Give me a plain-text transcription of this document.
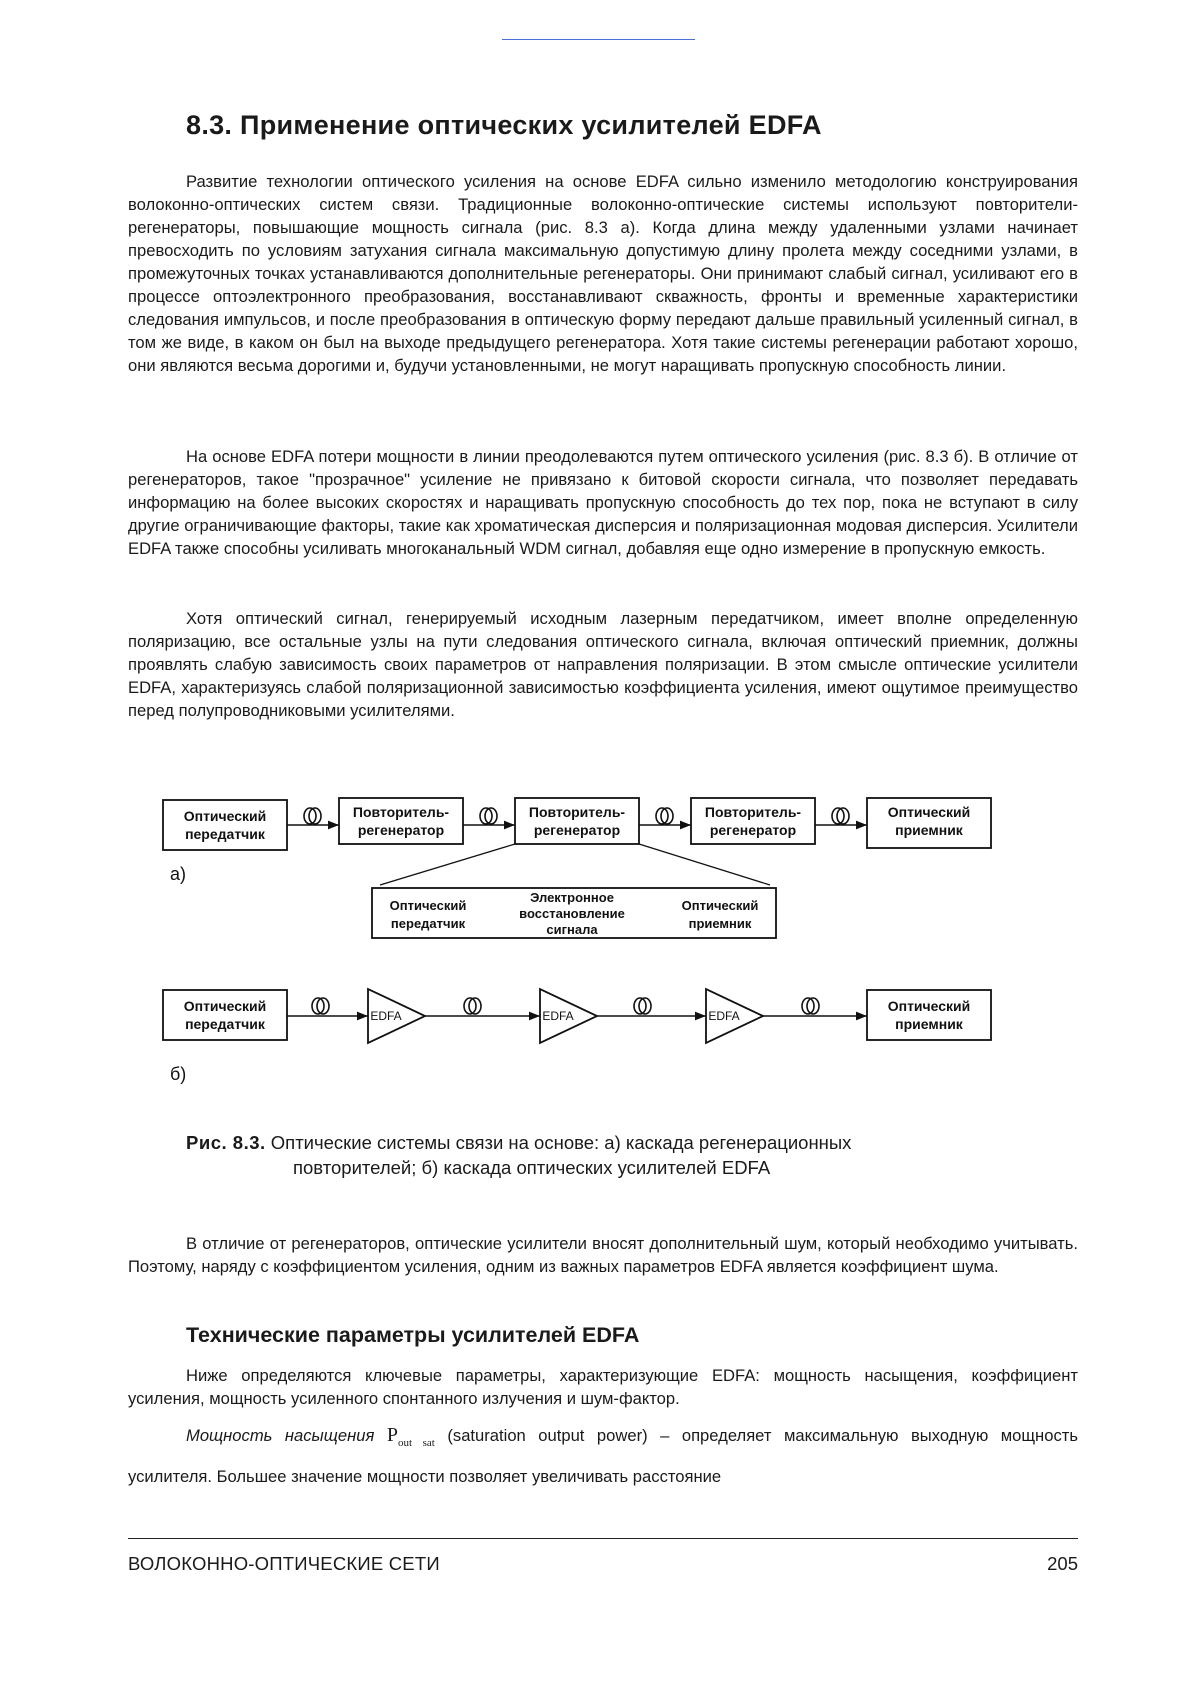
8.3. Применение оптических усилителей EDFA

Развитие технологии оптического усиления на основе EDFA сильно изменило методологию конструирования волоконно-оптических систем связи. Традиционные волоконно-оптические системы используют повторители-регенераторы, повышающие мощность сигнала (рис. 8.3 а). Когда длина между удаленными узлами начинает превосходить по условиям затухания сигнала максимальную допустимую длину пролета между соседними узлами, в промежуточных точках устанавливаются дополнительные регенераторы. Они принимают слабый сигнал, усиливают его в процессе оптоэлектронного преобразования, восстанавливают скважность, фронты и временные характеристики следования импульсов, и после преобразования в оптическую форму передают дальше правильный усиленный сигнал, в том же виде, в каком он был на выходе предыдущего регенератора. Хотя такие системы регенерации работают хорошо, они являются весьма дорогими и, будучи установленными, не могут наращивать пропускную способность линии.

На основе EDFA потери мощности в линии преодолеваются путем оптического усиления (рис. 8.3 б). В отличие от регенераторов, такое "прозрачное" усиление не привязано к битовой скорости сигнала, что позволяет передавать информацию на более высоких скоростях и наращивать пропускную способность до тех пор, пока не вступают в силу другие ограничивающие факторы, такие как хроматическая дисперсия и поляризационная модовая дисперсия. Усилители EDFA также способны усиливать многоканальный WDM сигнал, добавляя еще одно измерение в пропускную емкость.

Хотя оптический сигнал, генерируемый исходным лазерным передатчиком, имеет вполне определенную поляризацию, все остальные узлы на пути следования оптического сигнала, включая оптический приемник, должны проявлять слабую зависимость своих параметров от направления поляризации. В этом смысле оптические усилители EDFA, характеризуясь слабой поляризационной зависимостью коэффициента усиления, имеют ощутимое преимущество перед полупроводниковыми усилителями.

Оптический
передатчик
Повторитель-
регенератор
Повторитель-
регенератор
Повторитель-
регенератор
Оптический
приемник
а)
Оптический
передатчик
Электронное
восстановление
сигнала
Оптический
приемник
Оптический
передатчик	EDFA	EDFA	EDFA
Оптический
приемник
б)
Рис. 8.3. Оптические системы связи на основе: а) каскада регенерационных
повторителей; б) каскада оптических усилителей EDFA

В отличие от регенераторов, оптические усилители вносят дополнительный шум, который необходимо учитывать. Поэтому, наряду с коэффициентом усиления, одним из важных параметров EDFA является коэффициент шума.

Технические параметры усилителей EDFA

Ниже определяются ключевые параметры, характеризующие EDFA: мощность насыщения, коэффициент усиления, мощность усиленного спонтанного излучения и шум-фактор.

Мощность насыщения $P_{out sat}$ (saturation output power) – определяет максимальную выходную мощность усилителя. Большее значение мощности позволяет увеличивать расстояние

ВОЛОКОННО-ОПТИЧЕСКИЕ СЕТИ	205
